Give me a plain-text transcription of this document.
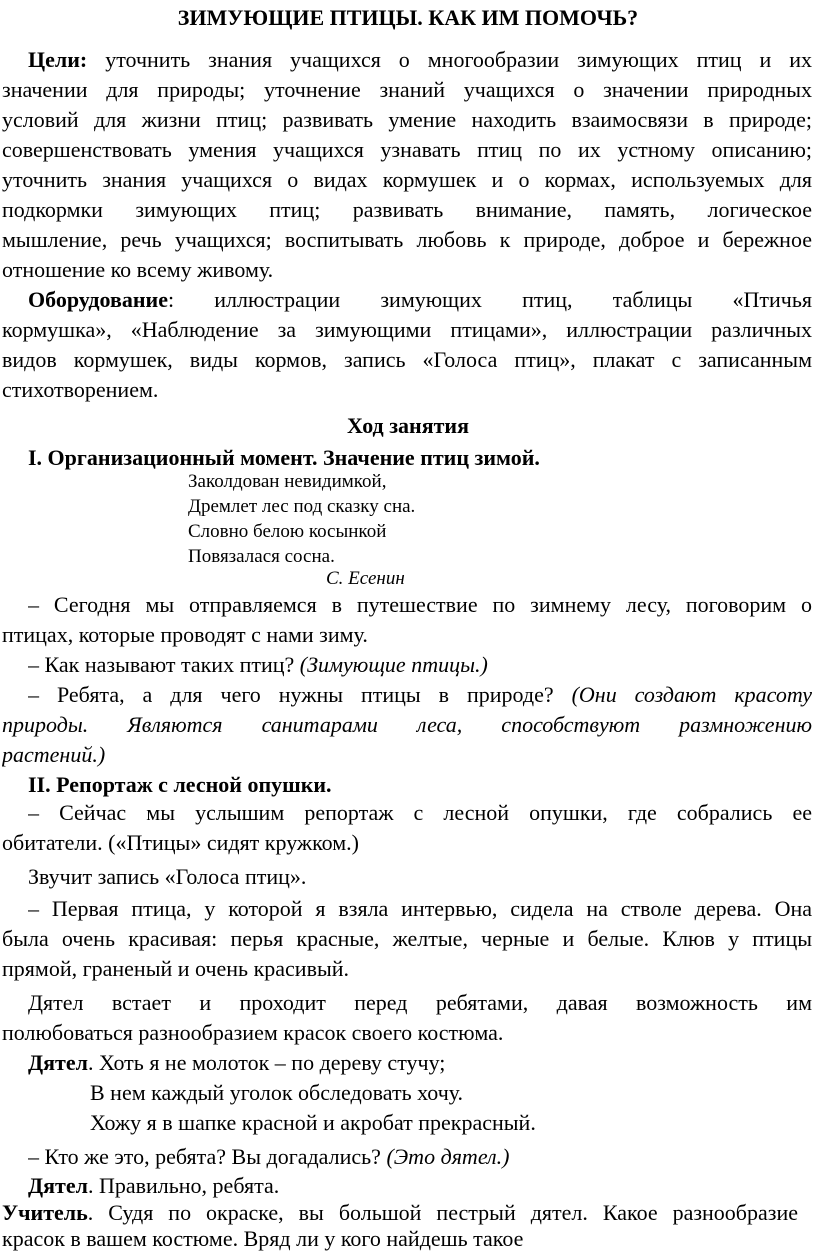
ЗИМУЮЩИЕ ПТИЦЫ. КАК ИМ ПОМОЧЬ?
Цели: уточнить знания учащихся о многообразии зимующих птиц и их
значении для природы; уточнение знаний учащихся о значении природных
условий для жизни птиц; развивать умение находить взаимосвязи в природе;
совершенствовать умения учащихся узнавать птиц по их устному описанию;
уточнить знания учащихся о видах кормушек и о кормах, используемых для
подкормки зимующих птиц; развивать внимание, память, логическое
мышление, речь учащихся; воспитывать любовь к природе, доброе и бережное
отношение ко всему живому.
Оборудование: иллюстрации зимующих птиц, таблицы «Птичья
кормушка», «Наблюдение за зимующими птицами», иллюстрации различных
видов кормушек, виды кормов, запись «Голоса птиц», плакат с записанным
стихотворением.
Ход занятия
I. Организационный момент. Значение птиц зимой.
Заколдован невидимкой,
Дремлет лес под сказку сна.
Словно белою косынкой
Повязалася сосна.
С. Есенин
– Сегодня мы отправляемся в путешествие по зимнему лесу, поговорим о
птицах, которые проводят с нами зиму.
– Как называют таких птиц? (Зимующие птицы.)
– Ребята, а для чего нужны птицы в природе? (Они создают красоту
природы. Являются санитарами леса, способствуют размножению
растений.)
II. Репортаж с лесной опушки.
– Сейчас мы услышим репортаж с лесной опушки, где собрались ее
обитатели. («Птицы» сидят кружком.)
Звучит запись «Голоса птиц».
– Первая птица, у которой я взяла интервью, сидела на стволе дерева. Она
была очень красивая: перья красные, желтые, черные и белые. Клюв у птицы
прямой, граненый и очень красивый.
Дятел встает и проходит перед ребятами, давая возможность им
полюбоваться разнообразием красок своего костюма.
Дятел. Хоть я не молоток – по дереву стучу;
В нем каждый уголок обследовать хочу.
Хожу я в шапке красной и акробат прекрасный.
– Кто же это, ребята? Вы догадались? (Это дятел.)
Дятел. Правильно, ребята.
Учитель. Судя по окраске, вы большой пестрый дятел. Какое разнообразие
красок в вашем костюме. Вряд ли у кого найдешь такое
